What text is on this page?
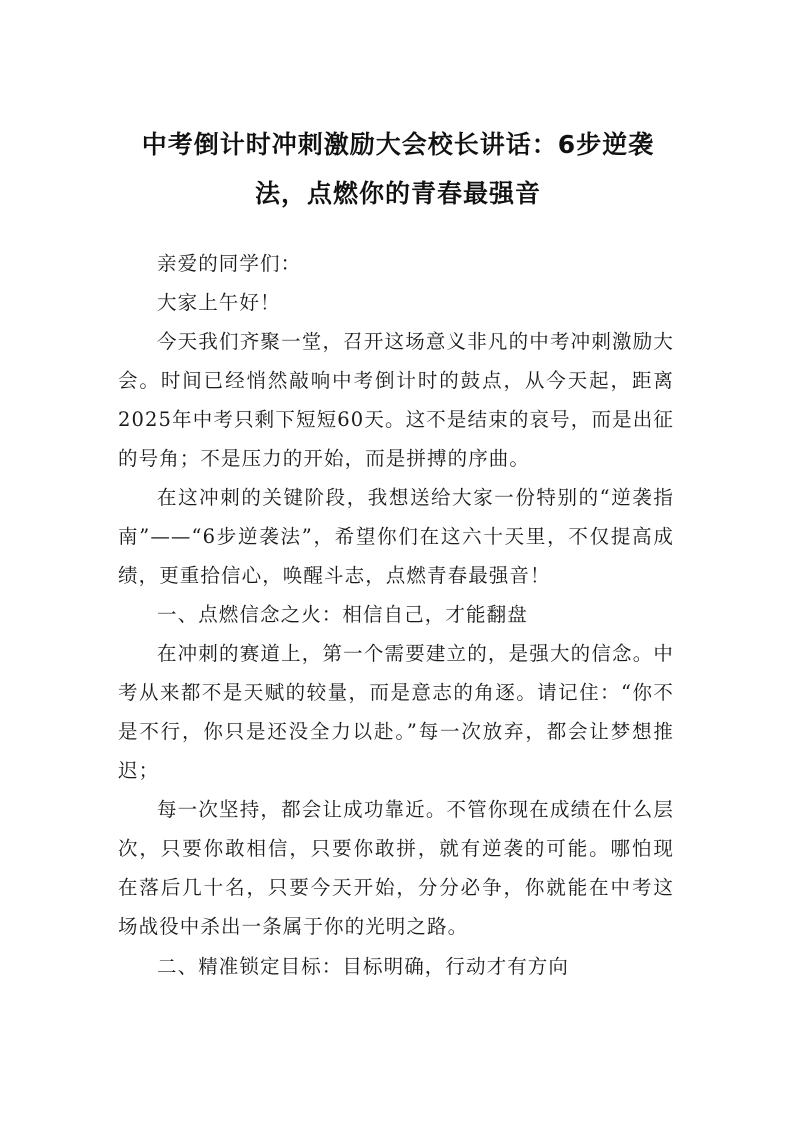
中考倒计时冲刺激励大会校长讲话：6步逆袭法，点燃你的青春最强音

亲爱的同学们：

大家上午好！

今天我们齐聚一堂，召开这场意义非凡的中考冲刺激励大会。时间已经悄然敲响中考倒计时的鼓点，从今天起，距离2025年中考只剩下短短60天。这不是结束的哀号，而是出征的号角；不是压力的开始，而是拼搏的序曲。

在这冲刺的关键阶段，我想送给大家一份特别的“逆袭指南”——“6步逆袭法”，希望你们在这六十天里，不仅提高成绩，更重拾信心，唤醒斗志，点燃青春最强音！

一、点燃信念之火：相信自己，才能翻盘

在冲刺的赛道上，第一个需要建立的，是强大的信念。中考从来都不是天赋的较量，而是意志的角逐。请记住：“你不是不行，你只是还没全力以赴。”每一次放弃，都会让梦想推迟；

每一次坚持，都会让成功靠近。不管你现在成绩在什么层次，只要你敢相信，只要你敢拼，就有逆袭的可能。哪怕现在落后几十名，只要今天开始，分分必争，你就能在中考这场战役中杀出一条属于你的光明之路。

二、精准锁定目标：目标明确，行动才有方向
